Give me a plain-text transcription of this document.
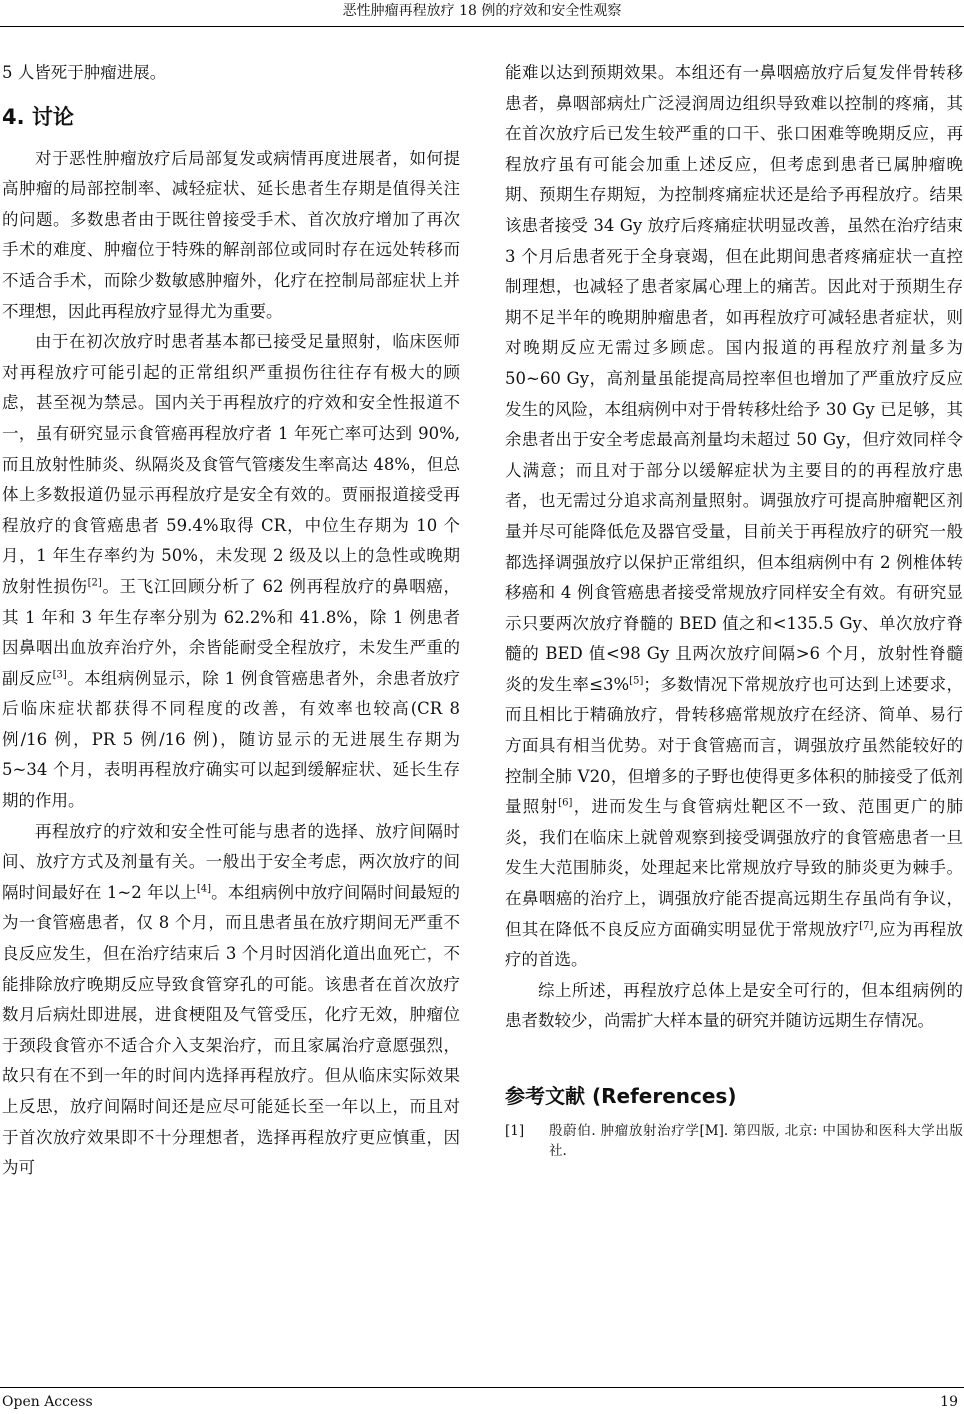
恶性肿瘤再程放疗 18 例的疗效和安全性观察

5 人皆死于肿瘤进展。

4. 讨论

对于恶性肿瘤放疗后局部复发或病情再度进展者，如何提高肿瘤的局部控制率、减轻症状、延长患者生存期是值得关注的问题。多数患者由于既往曾接受手术、首次放疗增加了再次手术的难度、肿瘤位于特殊的解剖部位或同时存在远处转移而不适合手术，而除少数敏感肿瘤外，化疗在控制局部症状上并不理想，因此再程放疗显得尤为重要。

由于在初次放疗时患者基本都已接受足量照射，临床医师对再程放疗可能引起的正常组织严重损伤往往存有极大的顾虑，甚至视为禁忌。国内关于再程放疗的疗效和安全性报道不一，虽有研究显示食管癌再程放疗者 1 年死亡率可达到 90%,而且放射性肺炎、纵隔炎及食管气管瘘发生率高达 48%，但总体上多数报道仍显示再程放疗是安全有效的。贾丽报道接受再程放疗的食管癌患者 59.4%取得 CR，中位生存期为 10 个月，1 年生存率约为 50%，未发现 2 级及以上的急性或晚期放射性损伤[2]。王飞江回顾分析了 62 例再程放疗的鼻咽癌，其 1 年和 3 年生存率分别为 62.2%和 41.8%，除 1 例患者因鼻咽出血放弃治疗外，余皆能耐受全程放疗，未发生严重的副反应[3]。本组病例显示，除 1 例食管癌患者外，余患者放疗后临床症状都获得不同程度的改善，有效率也较高(CR 8 例/16 例，PR 5 例/16 例)，随访显示的无进展生存期为 5~34 个月，表明再程放疗确实可以起到缓解症状、延长生存期的作用。

再程放疗的疗效和安全性可能与患者的选择、放疗间隔时间、放疗方式及剂量有关。一般出于安全考虑，两次放疗的间隔时间最好在 1~2 年以上[4]。本组病例中放疗间隔时间最短的为一食管癌患者，仅 8 个月，而且患者虽在放疗期间无严重不良反应发生，但在治疗结束后 3 个月时因消化道出血死亡，不能排除放疗晚期反应导致食管穿孔的可能。该患者在首次放疗数月后病灶即进展，进食梗阻及气管受压，化疗无效，肿瘤位于颈段食管亦不适合介入支架治疗，而且家属治疗意愿强烈，故只有在不到一年的时间内选择再程放疗。但从临床实际效果上反思，放疗间隔时间还是应尽可能延长至一年以上，而且对于首次放疗效果即不十分理想者，选择再程放疗更应慎重，因为可

能难以达到预期效果。本组还有一鼻咽癌放疗后复发伴骨转移患者，鼻咽部病灶广泛浸润周边组织导致难以控制的疼痛，其在首次放疗后已发生较严重的口干、张口困难等晚期反应，再程放疗虽有可能会加重上述反应，但考虑到患者已属肿瘤晚期、预期生存期短，为控制疼痛症状还是给予再程放疗。结果该患者接受 34 Gy 放疗后疼痛症状明显改善，虽然在治疗结束 3 个月后患者死于全身衰竭，但在此期间患者疼痛症状一直控制理想，也减轻了患者家属心理上的痛苦。因此对于预期生存期不足半年的晚期肿瘤患者，如再程放疗可减轻患者症状，则对晚期反应无需过多顾虑。国内报道的再程放疗剂量多为 50~60 Gy，高剂量虽能提高局控率但也增加了严重放疗反应发生的风险，本组病例中对于骨转移灶给予 30 Gy 已足够，其余患者出于安全考虑最高剂量均未超过 50 Gy，但疗效同样令人满意；而且对于部分以缓解症状为主要目的的再程放疗患者，也无需过分追求高剂量照射。调强放疗可提高肿瘤靶区剂量并尽可能降低危及器官受量，目前关于再程放疗的研究一般都选择调强放疗以保护正常组织，但本组病例中有 2 例椎体转移癌和 4 例食管癌患者接受常规放疗同样安全有效。有研究显示只要两次放疗脊髓的 BED 值之和<135.5 Gy、单次放疗脊髓的 BED 值<98 Gy 且两次放疗间隔>6 个月，放射性脊髓炎的发生率≤3%[5]；多数情况下常规放疗也可达到上述要求，而且相比于精确放疗，骨转移癌常规放疗在经济、简单、易行方面具有相当优势。对于食管癌而言，调强放疗虽然能较好的控制全肺 V20，但增多的子野也使得更多体积的肺接受了低剂量照射[6]，进而发生与食管病灶靶区不一致、范围更广的肺炎，我们在临床上就曾观察到接受调强放疗的食管癌患者一旦发生大范围肺炎，处理起来比常规放疗导致的肺炎更为棘手。在鼻咽癌的治疗上，调强放疗能否提高远期生存虽尚有争议，但其在降低不良反应方面确实明显优于常规放疗[7],应为再程放疗的首选。

综上所述，再程放疗总体上是安全可行的，但本组病例的患者数较少，尚需扩大样本量的研究并随访远期生存情况。

参考文献 (References)
[1]	殷蔚伯. 肿瘤放射治疗学[M]. 第四版, 北京: 中国协和医科大学出版社.
Open Access	19
